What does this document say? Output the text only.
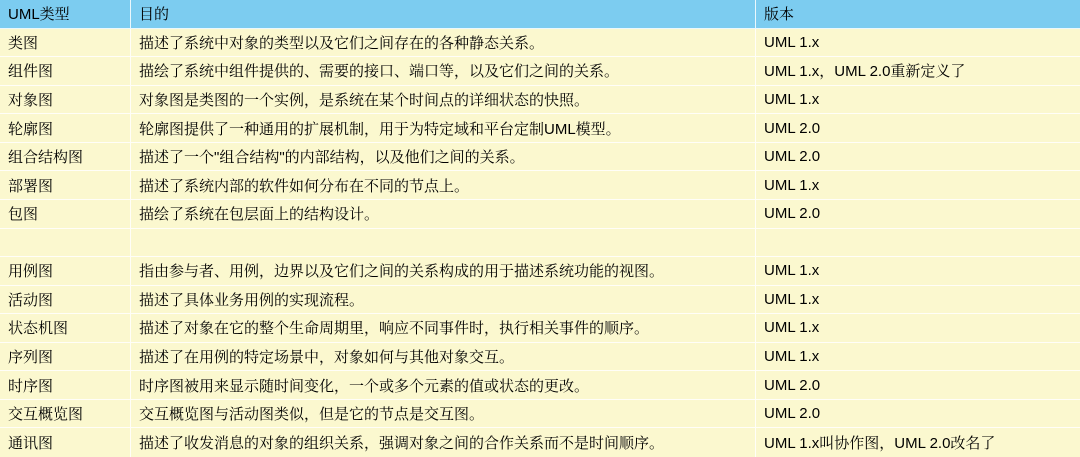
UML类型	目的	版本
类图	描述了系统中对象的类型以及它们之间存在的各种静态关系。	UML 1.x
组件图	描绘了系统中组件提供的、需要的接口、端口等，以及它们之间的关系。	UML 1.x，UML 2.0重新定义了
对象图	对象图是类图的一个实例，是系统在某个时间点的详细状态的快照。	UML 1.x
轮廓图	轮廓图提供了一种通用的扩展机制，用于为特定域和平台定制UML模型。	UML 2.0
组合结构图	描述了一个"组合结构"的内部结构，以及他们之间的关系。	UML 2.0
部署图	描述了系统内部的软件如何分布在不同的节点上。	UML 1.x
包图	描绘了系统在包层面上的结构设计。	UML 2.0
用例图	指由参与者、用例，边界以及它们之间的关系构成的用于描述系统功能的视图。	UML 1.x
活动图	描述了具体业务用例的实现流程。	UML 1.x
状态机图	描述了对象在它的整个生命周期里，响应不同事件时，执行相关事件的顺序。	UML 1.x
序列图	描述了在用例的特定场景中，对象如何与其他对象交互。	UML 1.x
时序图	时序图被用来显示随时间变化，一个或多个元素的值或状态的更改。	UML 2.0
交互概览图	交互概览图与活动图类似，但是它的节点是交互图。	UML 2.0
通讯图	描述了收发消息的对象的组织关系，强调对象之间的合作关系而不是时间顺序。	UML 1.x叫协作图，UML 2.0改名了
